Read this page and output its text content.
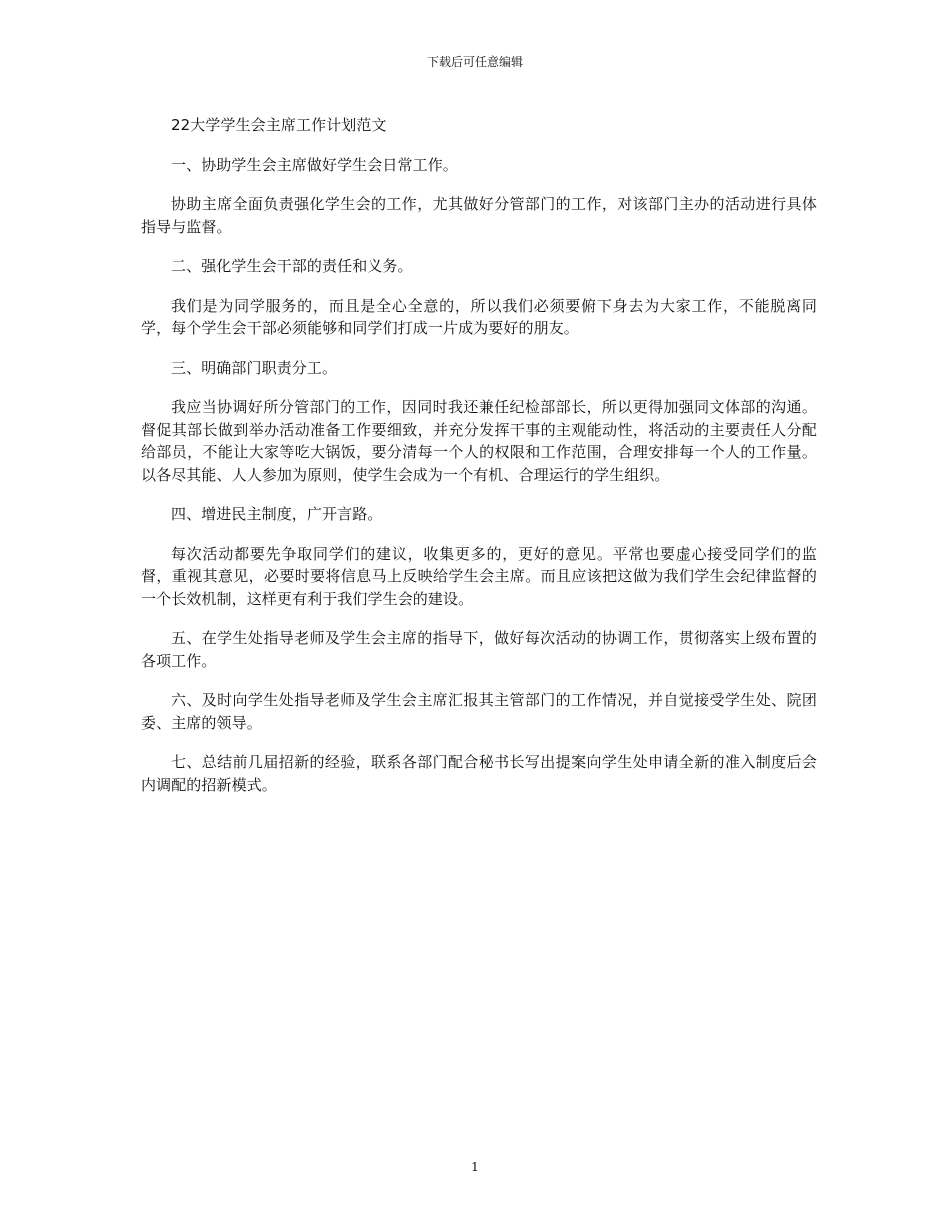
下载后可任意编辑

22大学学生会主席工作计划范文

一、协助学生会主席做好学生会日常工作。

协助主席全面负责强化学生会的工作，尤其做好分管部门的工作，对该部门主办的活动进行具体指导与监督。

二、强化学生会干部的责任和义务。

我们是为同学服务的，而且是全心全意的，所以我们必须要俯下身去为大家工作，不能脱离同学，每个学生会干部必须能够和同学们打成一片成为要好的朋友。

三、明确部门职责分工。

我应当协调好所分管部门的工作，因同时我还兼任纪检部部长，所以更得加强同文体部的沟通。督促其部长做到举办活动准备工作要细致，并充分发挥干事的主观能动性，将活动的主要责任人分配给部员，不能让大家等吃大锅饭，要分清每一个人的权限和工作范围，合理安排每一个人的工作量。以各尽其能、人人参加为原则，使学生会成为一个有机、合理运行的学生组织。

四、增进民主制度，广开言路。

每次活动都要先争取同学们的建议，收集更多的，更好的意见。平常也要虚心接受同学们的监督，重视其意见，必要时要将信息马上反映给学生会主席。而且应该把这做为我们学生会纪律监督的一个长效机制，这样更有利于我们学生会的建设。

五、在学生处指导老师及学生会主席的指导下，做好每次活动的协调工作，贯彻落实上级布置的各项工作。

六、及时向学生处指导老师及学生会主席汇报其主管部门的工作情况，并自觉接受学生处、院团委、主席的领导。

七、总结前几届招新的经验，联系各部门配合秘书长写出提案向学生处申请全新的准入制度后会内调配的招新模式。

1
